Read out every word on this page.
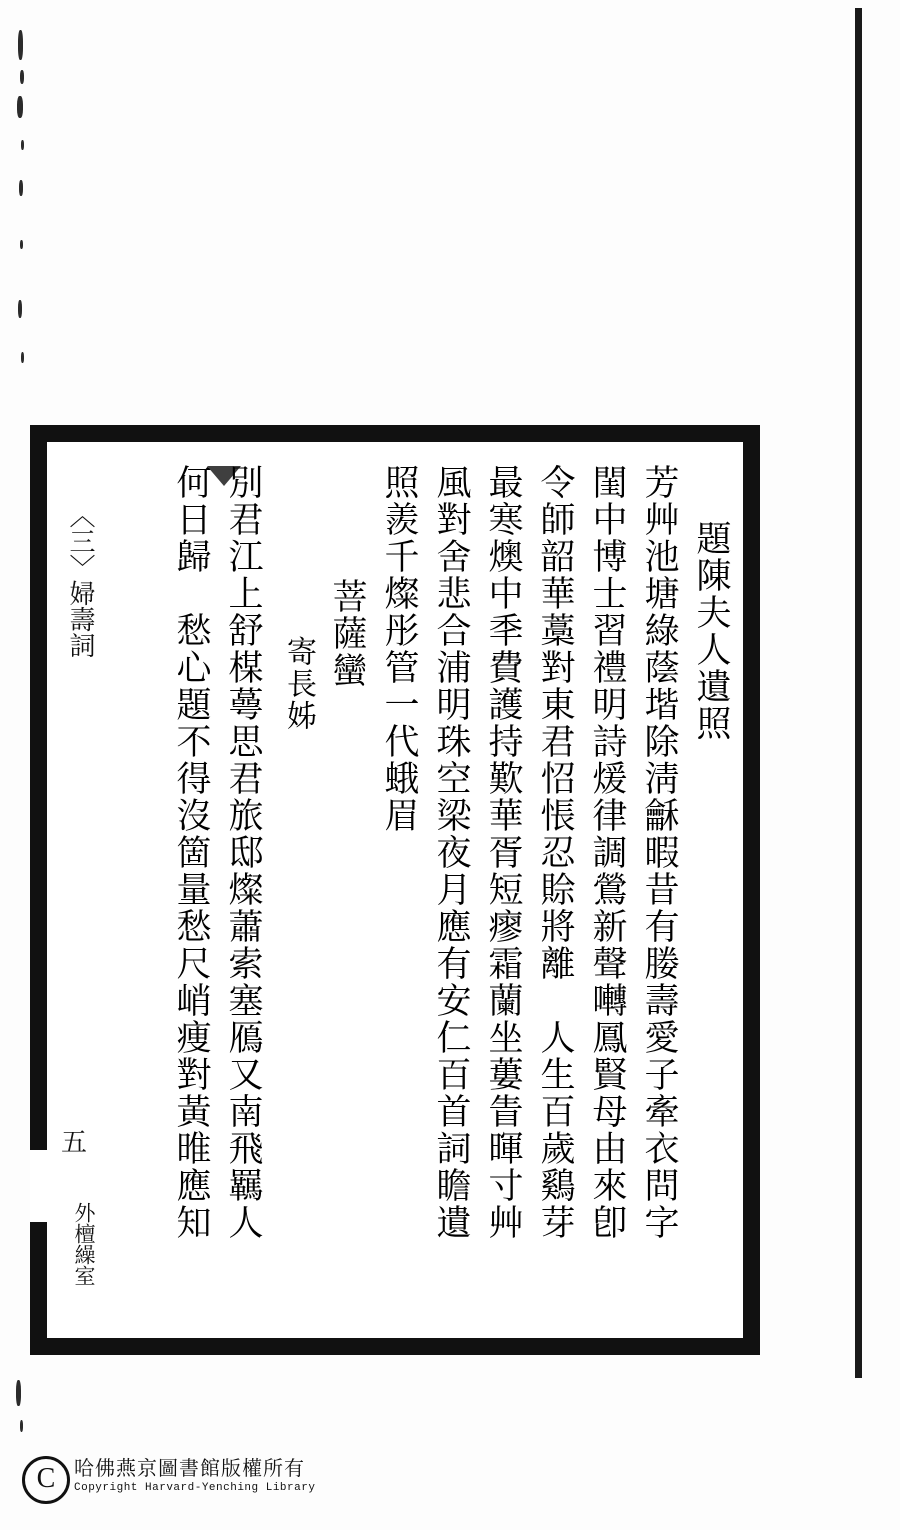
〈三〉婦壽詞
五
外檀繰室
題陳夫人遺照
芳艸池塘綠蔭堦除淸龢暇昔有媵壽愛子牽衣問字
閨中博士習禮明詩煖律調鶯新聲囀鳳賢母由來卽
令師韶華藁對東君怊悵忍賒將離　人生百歲鷄芽
最寒燠中秊費護持歎華胥短瘳霜蘭坐蔞眚暉寸艸
風對舍悲合浦明珠空梁夜月應有安仁百首詞瞻遺
照羨千燦彤管一代蛾眉
菩薩蠻
寄長姊
別君江上舒楳蕚思君旅邸燦蕭索塞鴈又南飛羈人
何日歸　愁心題不得沒箇量愁尺峭痩對黃㫿應知
C 哈佛燕京圖書館版權所有
Copyright Harvard-Yenching Library
